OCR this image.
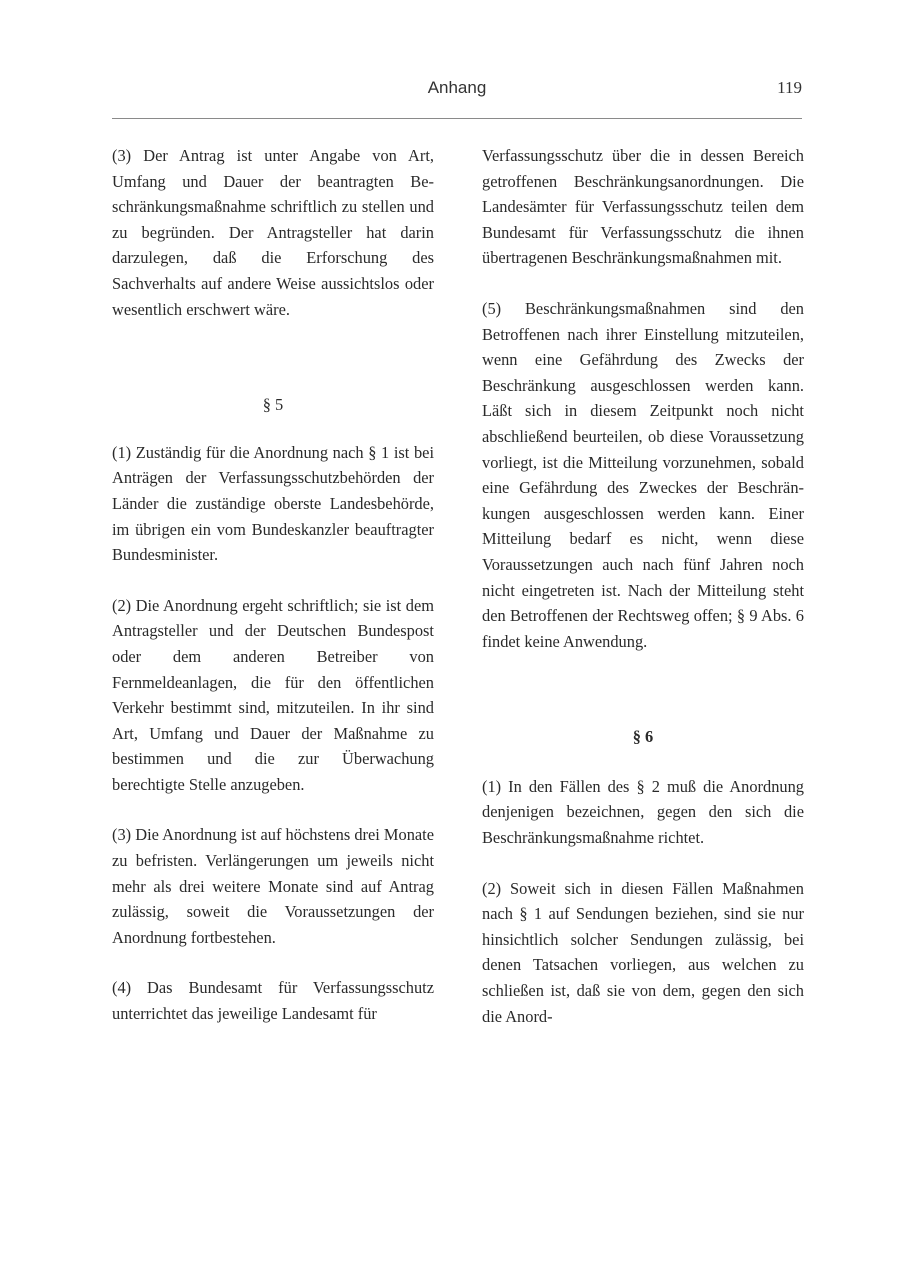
Anhang	119

(3) Der Antrag ist unter Angabe von Art, Umfang und Dauer der beantragten Beschränkungsmaßnahme schriftlich zu stellen und zu begründen. Der Antragsteller hat darin darzulegen, daß die Erforschung des Sachverhalts auf andere Weise aussichtslos oder wesentlich erschwert wäre.

§ 5

(1) Zuständig für die Anordnung nach § 1 ist bei Anträgen der Verfassungsschutzbehörden der Länder die zuständige oberste Landesbehörde, im übrigen ein vom Bundeskanzler beauftragter Bundesminister.

(2) Die Anordnung ergeht schriftlich; sie ist dem Antragsteller und der Deutschen Bundespost oder dem anderen Betreiber von Fernmeldeanlagen, die für den öffentlichen Verkehr bestimmt sind, mitzuteilen. In ihr sind Art, Umfang und Dauer der Maßnahme zu bestimmen und die zur Überwachung berechtigte Stelle anzugeben.

(3) Die Anordnung ist auf höchstens drei Monate zu befristen. Verlängerungen um jeweils nicht mehr als drei weitere Monate sind auf Antrag zulässig, soweit die Voraussetzungen der Anordnung fortbestehen.

(4) Das Bundesamt für Verfassungsschutz unterrichtet das jeweilige Landesamt für

Verfassungsschutz über die in dessen Bereich getroffenen Beschränkungsanordnungen. Die Landesämter für Verfassungsschutz teilen dem Bundesamt für Verfassungsschutz die ihnen übertragenen Beschränkungsmaßnahmen mit.

(5) Beschränkungsmaßnahmen sind den Betroffenen nach ihrer Einstellung mitzuteilen, wenn eine Gefährdung des Zwecks der Beschränkung ausgeschlossen werden kann. Läßt sich in diesem Zeitpunkt noch nicht abschließend beurteilen, ob diese Voraussetzung vorliegt, ist die Mitteilung vorzunehmen, sobald eine Gefährdung des Zweckes der Beschränkungen ausgeschlossen werden kann. Einer Mitteilung bedarf es nicht, wenn diese Voraussetzungen auch nach fünf Jahren noch nicht eingetreten ist. Nach der Mitteilung steht den Betroffenen der Rechtsweg offen; § 9 Abs. 6 findet keine Anwendung.

§ 6

(1) In den Fällen des § 2 muß die Anordnung denjenigen bezeichnen, gegen den sich die Beschränkungsmaßnahme richtet.

(2) Soweit sich in diesen Fällen Maßnahmen nach § 1 auf Sendungen beziehen, sind sie nur hinsichtlich solcher Sendungen zulässig, bei denen Tatsachen vorliegen, aus welchen zu schließen ist, daß sie von dem, gegen den sich die Anord-
